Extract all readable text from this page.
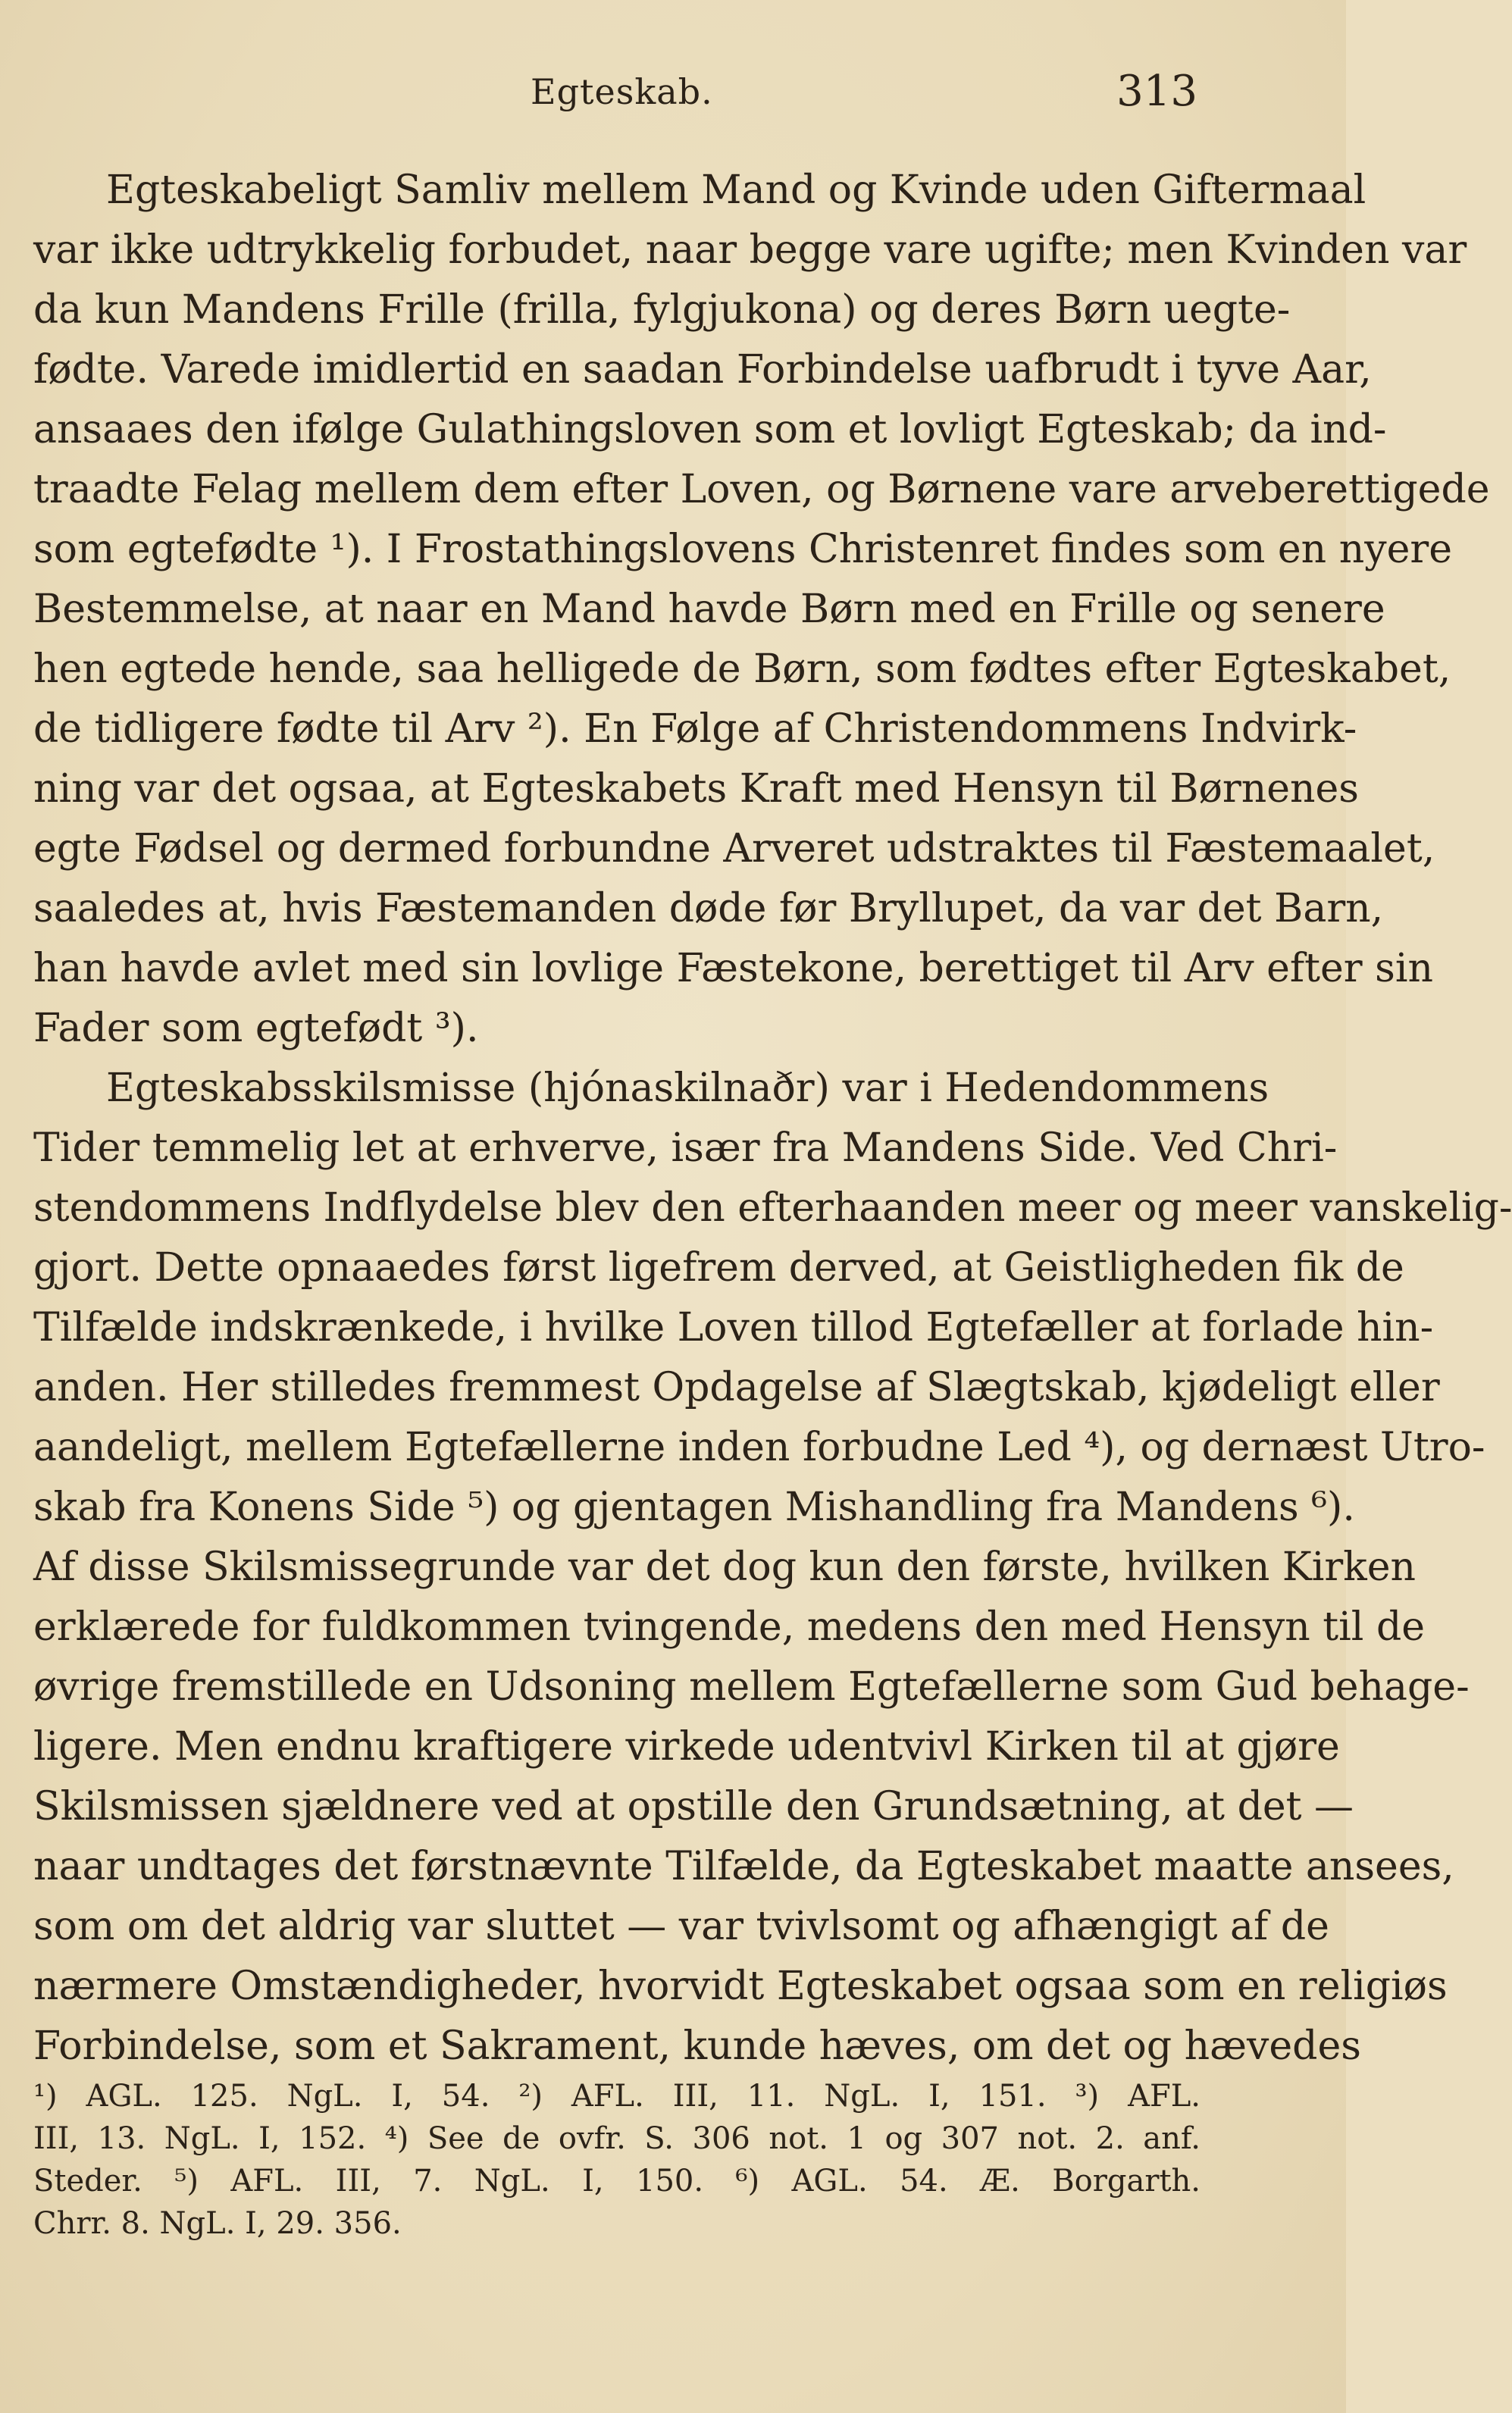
Egteskab.	313
Egteskabeligt Samliv mellem Mand og Kvinde uden Giftermaal
var ikke udtrykkelig forbudet, naar begge vare ugifte; men Kvinden var
da kun Mandens Frille (frilla, fylgjukona) og deres Børn uegte-
fødte. Varede imidlertid en saadan Forbindelse uafbrudt i tyve Aar,
ansaaes den ifølge Gulathingsloven som et lovligt Egteskab; da ind-
traadte Felag mellem dem efter Loven, og Børnene vare arveberettigede
som egtefødte ¹). I Frostathingslovens Christenret findes som en nyere
Bestemmelse, at naar en Mand havde Børn med en Frille og senere
hen egtede hende, saa helligede de Børn, som fødtes efter Egteskabet,
de tidligere fødte til Arv ²). En Følge af Christendommens Indvirk-
ning var det ogsaa, at Egteskabets Kraft med Hensyn til Børnenes
egte Fødsel og dermed forbundne Arveret udstraktes til Fæstemaalet,
saaledes at, hvis Fæstemanden døde før Bryllupet, da var det Barn,
han havde avlet med sin lovlige Fæstekone, berettiget til Arv efter sin
Fader som egtefødt ³).
Egteskabsskilsmisse (hjónaskilnaðr) var i Hedendommens
Tider temmelig let at erhverve, især fra Mandens Side. Ved Chri-
stendommens Indflydelse blev den efterhaanden meer og meer vanskelig-
gjort. Dette opnaaedes først ligefrem derved, at Geistligheden fik de
Tilfælde indskrænkede, i hvilke Loven tillod Egtefæller at forlade hin-
anden. Her stilledes fremmest Opdagelse af Slægtskab, kjødeligt eller
aandeligt, mellem Egtefællerne inden forbudne Led ⁴), og dernæst Utro-
skab fra Konens Side ⁵) og gjentagen Mishandling fra Mandens ⁶).
Af disse Skilsmissegrunde var det dog kun den første, hvilken Kirken
erklærede for fuldkommen tvingende, medens den med Hensyn til de
øvrige fremstillede en Udsoning mellem Egtefællerne som Gud behage-
ligere. Men endnu kraftigere virkede udentvivl Kirken til at gjøre
Skilsmissen sjældnere ved at opstille den Grundsætning, at det —
naar undtages det førstnævnte Tilfælde, da Egteskabet maatte ansees,
som om det aldrig var sluttet — var tvivlsomt og afhængigt af de
nærmere Omstændigheder, hvorvidt Egteskabet ogsaa som en religiøs
Forbindelse, som et Sakrament, kunde hæves, om det og hævedes
¹) AGL. 125. NgL. I, 54. ²) AFL. III, 11. NgL. I, 151. ³) AFL.
III, 13. NgL. I, 152. ⁴) See de ovfr. S. 306 not. 1 og 307 not. 2. anf.
Steder. ⁵) AFL. III, 7. NgL. I, 150. ⁶) AGL. 54. Æ. Borgarth.
Chrr. 8. NgL. I, 29. 356.
